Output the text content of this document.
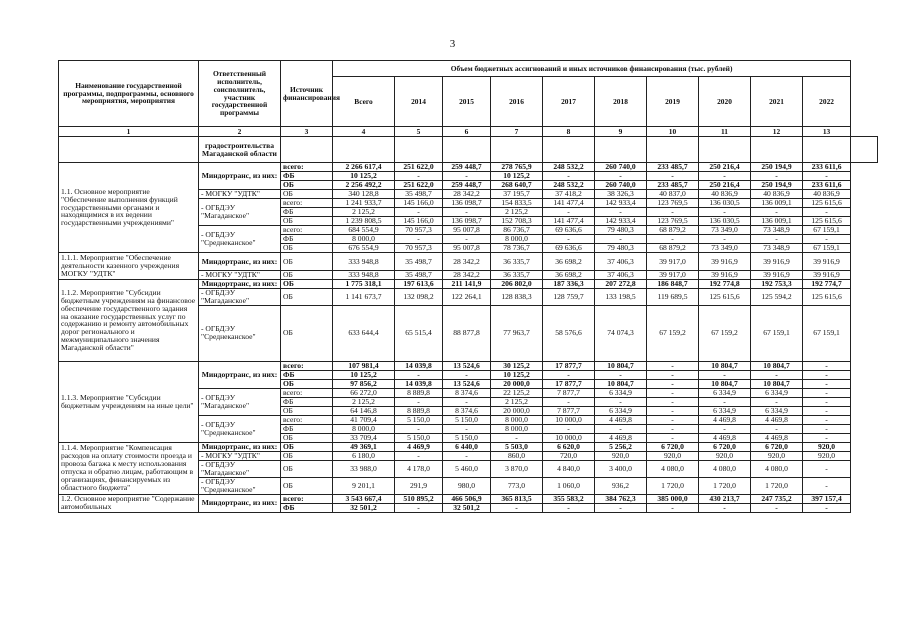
3
Наименование государственной программы, подпрограммы, основного мероприятия, мероприятия	Ответственный исполнитель, соисполнитель, участник государственной программы	Источник финансирования	Объем бюджетных ассигнований и иных источников финансирования (тыс. рублей)										
			Всего	2014	2015	2016	2017	2018	2019	2020	2021	2022	
1	2	3	4	5	6	7	8	9	10	11	12	13	
	градостроительства Магаданской области												
1.1. Основное мероприятие "Обеспечение выполнения функций государственными органами и находящимися в их ведении государственными учреждениями"	Миндортранс, из них:	всего:	2 266 617,4	251 622,0	259 448,7	278 765,9	248 532,2	260 740,0	233 485,7	250 216,4	250 194,9	233 611,6	
		ФБ	10 125,2	-	-	10 125,2	-	-	-	-	-	-	
		ОБ	2 256 492,2	251 622,0	259 448,7	268 640,7	248 532,2	260 740,0	233 485,7	250 216,4	250 194,9	233 611,6	
	- МОГКУ "УДТК"	ОБ	340 128,8	35 498,7	28 342,2	37 195,7	37 418,2	38 326,3	40 837,0	40 836,9	40 836,9	40 836,9	
	- ОГБДЭУ "Магаданское"	всего:	1 241 933,7	145 166,0	136 098,7	154 833,5	141 477,4	142 933,4	123 769,5	136 030,5	136 009,1	125 615,6	
		ФБ	2 125,2	-	-	2 125,2	-	-	-	-	-	-	
		ОБ	1 239 808,5	145 166,0	136 098,7	152 708,3	141 477,4	142 933,4	123 769,5	136 030,5	136 009,1	125 615,6	
	- ОГБДЭУ "Среднеканское"	всего:	684 554,9	70 957,3	95 007,8	86 736,7	69 636,6	79 480,3	68 879,2	73 349,0	73 348,9	67 159,1	
		ФБ	8 000,0	-	-	8 000,0	-	-	-	-	-	-	
		ОБ	676 554,9	70 957,3	95 007,8	78 736,7	69 636,6	79 480,3	68 879,2	73 349,0	73 348,9	67 159,1	
1.1.1. Мероприятие "Обеспечение деятельности казенного учреждения МОГКУ "УДТК"	Миндортранс, из них:	ОБ	333 948,8	35 498,7	28 342,2	36 335,7	36 698,2	37 406,3	39 917,0	39 916,9	39 916,9	39 916,9	
	- МОГКУ "УДТК"	ОБ	333 948,8	35 498,7	28 342,2	36 335,7	36 698,2	37 406,3	39 917,0	39 916,9	39 916,9	39 916,9	
1.1.2. Мероприятие "Субсидии бюджетным учреждениям на финансовое обеспечение государственного задания на оказание государственных услуг по содержанию и ремонту автомобильных дорог регионального и межмуниципального значения Магаданской области"	Миндортранс, из них:	ОБ	1 775 318,1	197 613,6	211 141,9	206 802,0	187 336,3	207 272,8	186 848,7	192 774,8	192 753,3	192 774,7	
	- ОГБДЭУ "Магаданское"	ОБ	1 141 673,7	132 098,2	122 264,1	128 838,3	128 759,7	133 198,5	119 689,5	125 615,6	125 594,2	125 615,6	
	- ОГБДЭУ "Среднеканское"	ОБ	633 644,4	65 515,4	88 877,8	77 963,7	58 576,6	74 074,3	67 159,2	67 159,2	67 159,1	67 159,1	
1.1.3. Мероприятие "Субсидии бюджетным учреждениям на иные цели"	Миндортранс, из них:	всего:	107 981,4	14 039,8	13 524,6	30 125,2	17 877,7	10 804,7	-	10 804,7	10 804,7	-	
		ФБ	10 125,2	-	-	10 125,2	-	-	-	-	-	-	
		ОБ	97 856,2	14 039,8	13 524,6	20 000,0	17 877,7	10 804,7	-	10 804,7	10 804,7	-	
	- ОГБДЭУ "Магаданское"	всего:	66 272,0	8 889,8	8 374,6	22 125,2	7 877,7	6 334,9	-	6 334,9	6 334,9	-	
		ФБ	2 125,2	-	-	2 125,2	-	-	-	-	-	-	
		ОБ	64 146,8	8 889,8	8 374,6	20 000,0	7 877,7	6 334,9	-	6 334,9	6 334,9	-	
	- ОГБДЭУ "Среднеканское"	всего:	41 709,4	5 150,0	5 150,0	8 000,0	10 000,0	4 469,8	-	4 469,8	4 469,8	-	
		ФБ	8 000,0	-	-	8 000,0	-	-	-	-	-	-	
		ОБ	33 709,4	5 150,0	5 150,0	-	10 000,0	4 469,8	-	4 469,8	4 469,8	-	
1.1.4. Мероприятие "Компенсация расходов на оплату стоимости проезда и провоза багажа к месту использования отпуска и обратно лицам, работающим в организациях, финансируемых из областного бюджета"	Миндортранс, из них:	ОБ	49 369,1	4 469,9	6 440,0	5 503,0	6 620,0	5 256,2	6 720,0	6 720,0	6 720,0	920,0	
	- МОГКУ "УДТК"	ОБ	6 180,0	-	-	860,0	720,0	920,0	920,0	920,0	920,0	920,0	
	- ОГБДЭУ "Магаданское"	ОБ	33 988,0	4 178,0	5 460,0	3 870,0	4 840,0	3 400,0	4 080,0	4 080,0	4 080,0	-	
	- ОГБДЭУ "Среднеканское"	ОБ	9 201,1	291,9	980,0	773,0	1 060,0	936,2	1 720,0	1 720,0	1 720,0	-	
1.2. Основное мероприятие "Содержание автомобильных	Миндортранс, из них:	всего:	3 543 667,4	510 895,2	466 506,9	365 813,5	355 583,2	384 762,3	385 000,0	430 213,7	247 735,2	397 157,4	
		ФБ	32 501,2	-	32 501,2	-	-	-	-	-	-	-	
